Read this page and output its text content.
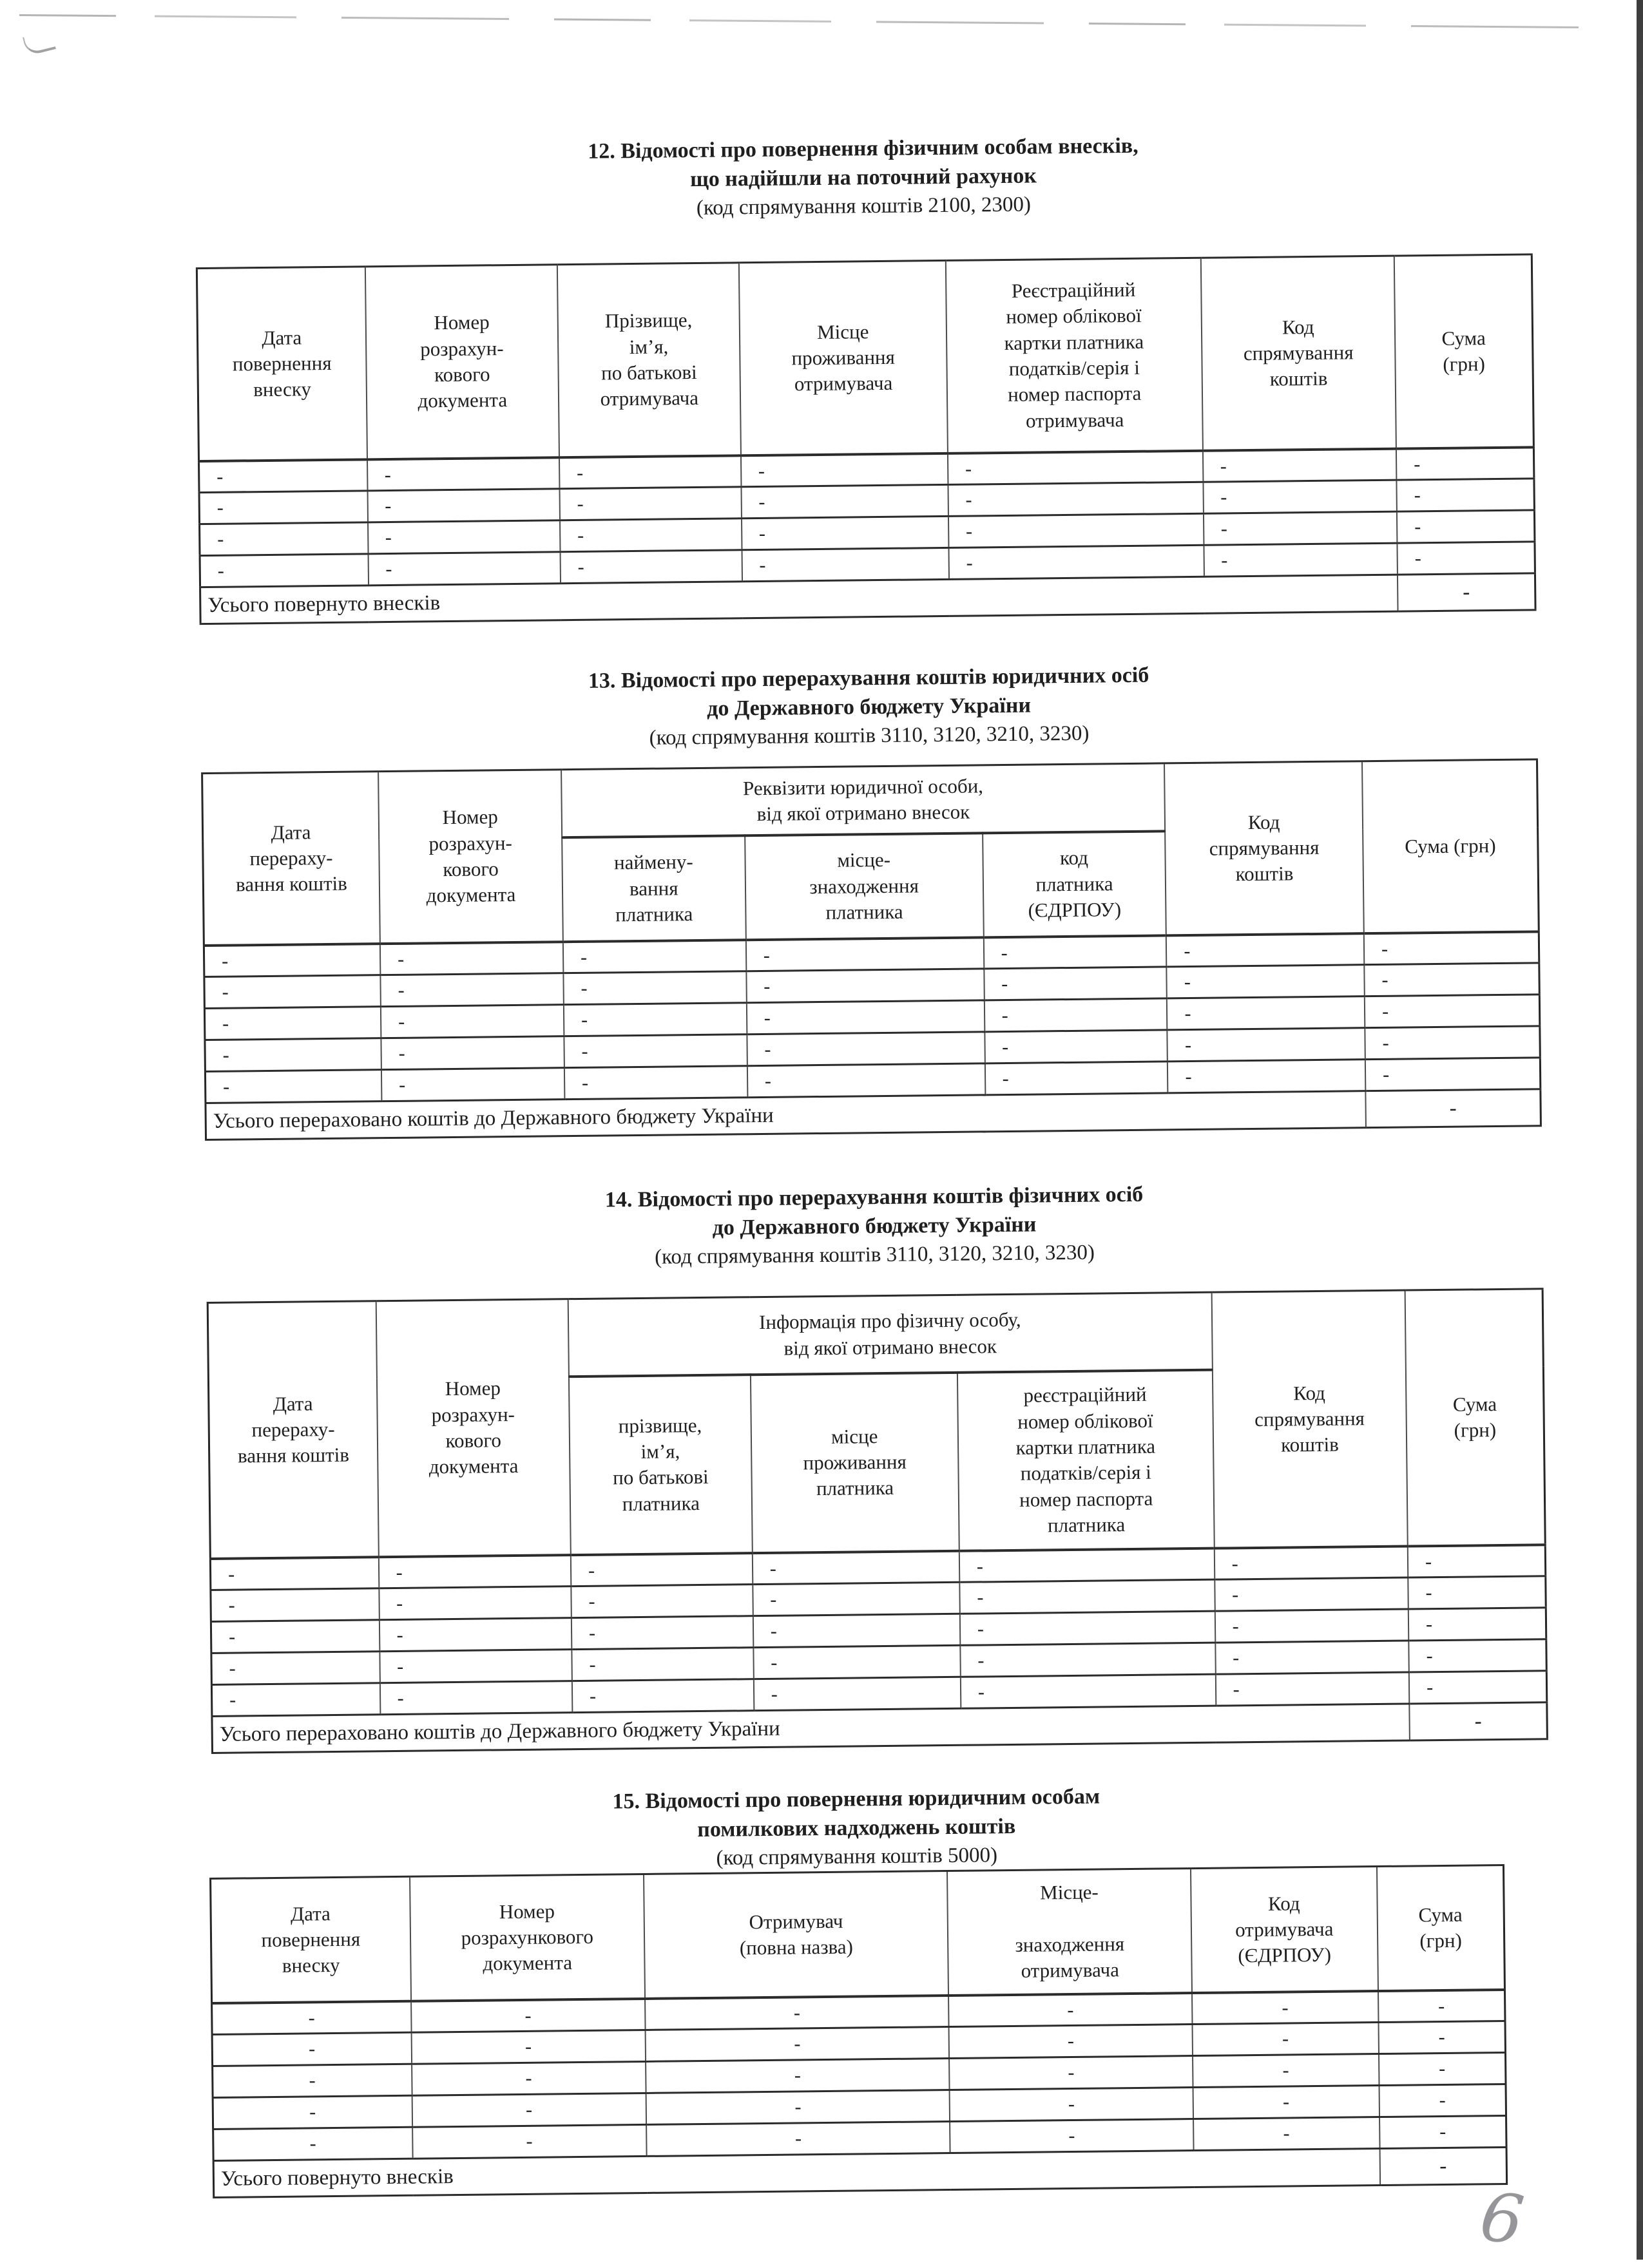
12. Відомості про повернення фізичним особам внесків,
що надійшли на поточний рахунок
(код спрямування коштів 2100, 2300)
Дата
повернення
внеску	Номер
розрахун-
кового
документа	Прізвище,
ім’я,
по батькові
отримувача	Місце
проживання
отримувача	Реєстраційний
номер облікової
картки платника
податків/серія і
номер паспорта
отримувача	Код
спрямування
коштів	Сума
(грн)
-	-	-	-	-	-	-
-	-	-	-	-	-	-
-	-	-	-	-	-	-
-	-	-	-	-	-	-
Усього повернуто внесків						-
13. Відомості про перерахування коштів юридичних осіб
до Державного бюджету України
(код спрямування коштів 3110, 3120, 3210, 3230)
Дата
перераху-
вання коштів	Номер
розрахун-
кового
документа	Реквізити юридичної особи,
від якої отримано внесок			Код
спрямування
коштів	Сума (грн)
		наймену-
вання
платника	місце-
знаходження
платника	код
платника
(ЄДРПОУ)		
-	-	-	-	-	-	-
-	-	-	-	-	-	-
-	-	-	-	-	-	-
-	-	-	-	-	-	-
-	-	-	-	-	-	-
Усього перераховано коштів до Державного бюджету України						-
14. Відомості про перерахування коштів фізичних осіб
до Державного бюджету України
(код спрямування коштів 3110, 3120, 3210, 3230)
Дата
перераху-
вання коштів	Номер
розрахун-
кового
документа	Інформація про фізичну особу,
від якої отримано внесок			Код
спрямування
коштів	Сума
(грн)
прізвище,
ім’я,
по батькові
платника	місце
проживання
платника	реєстраційний
номер облікової
картки платника
податків/серія і
номер паспорта
платника
-	-	-	-	-	-	-
-	-	-	-	-	-	-
-	-	-	-	-	-	-
-	-	-	-	-	-	-
-	-	-	-	-	-	-
Усього перераховано коштів до Державного бюджету України						-
15. Відомості про повернення юридичним особам
помилкових надходжень коштів
(код спрямування коштів 5000)
Дата
повернення
внеску	Номер
розрахункового
документа	Отримувач
(повна назва)	Місце-

знаходження
отримувача	Код
отримувача
(ЄДРПОУ)	Сума
(грн)
-	-	-	-	-	-
-	-	-	-	-	-
-	-	-	-	-	-
-	-	-	-	-	-
-	-	-	-	-	-
Усього повернуто внесків					-
6
